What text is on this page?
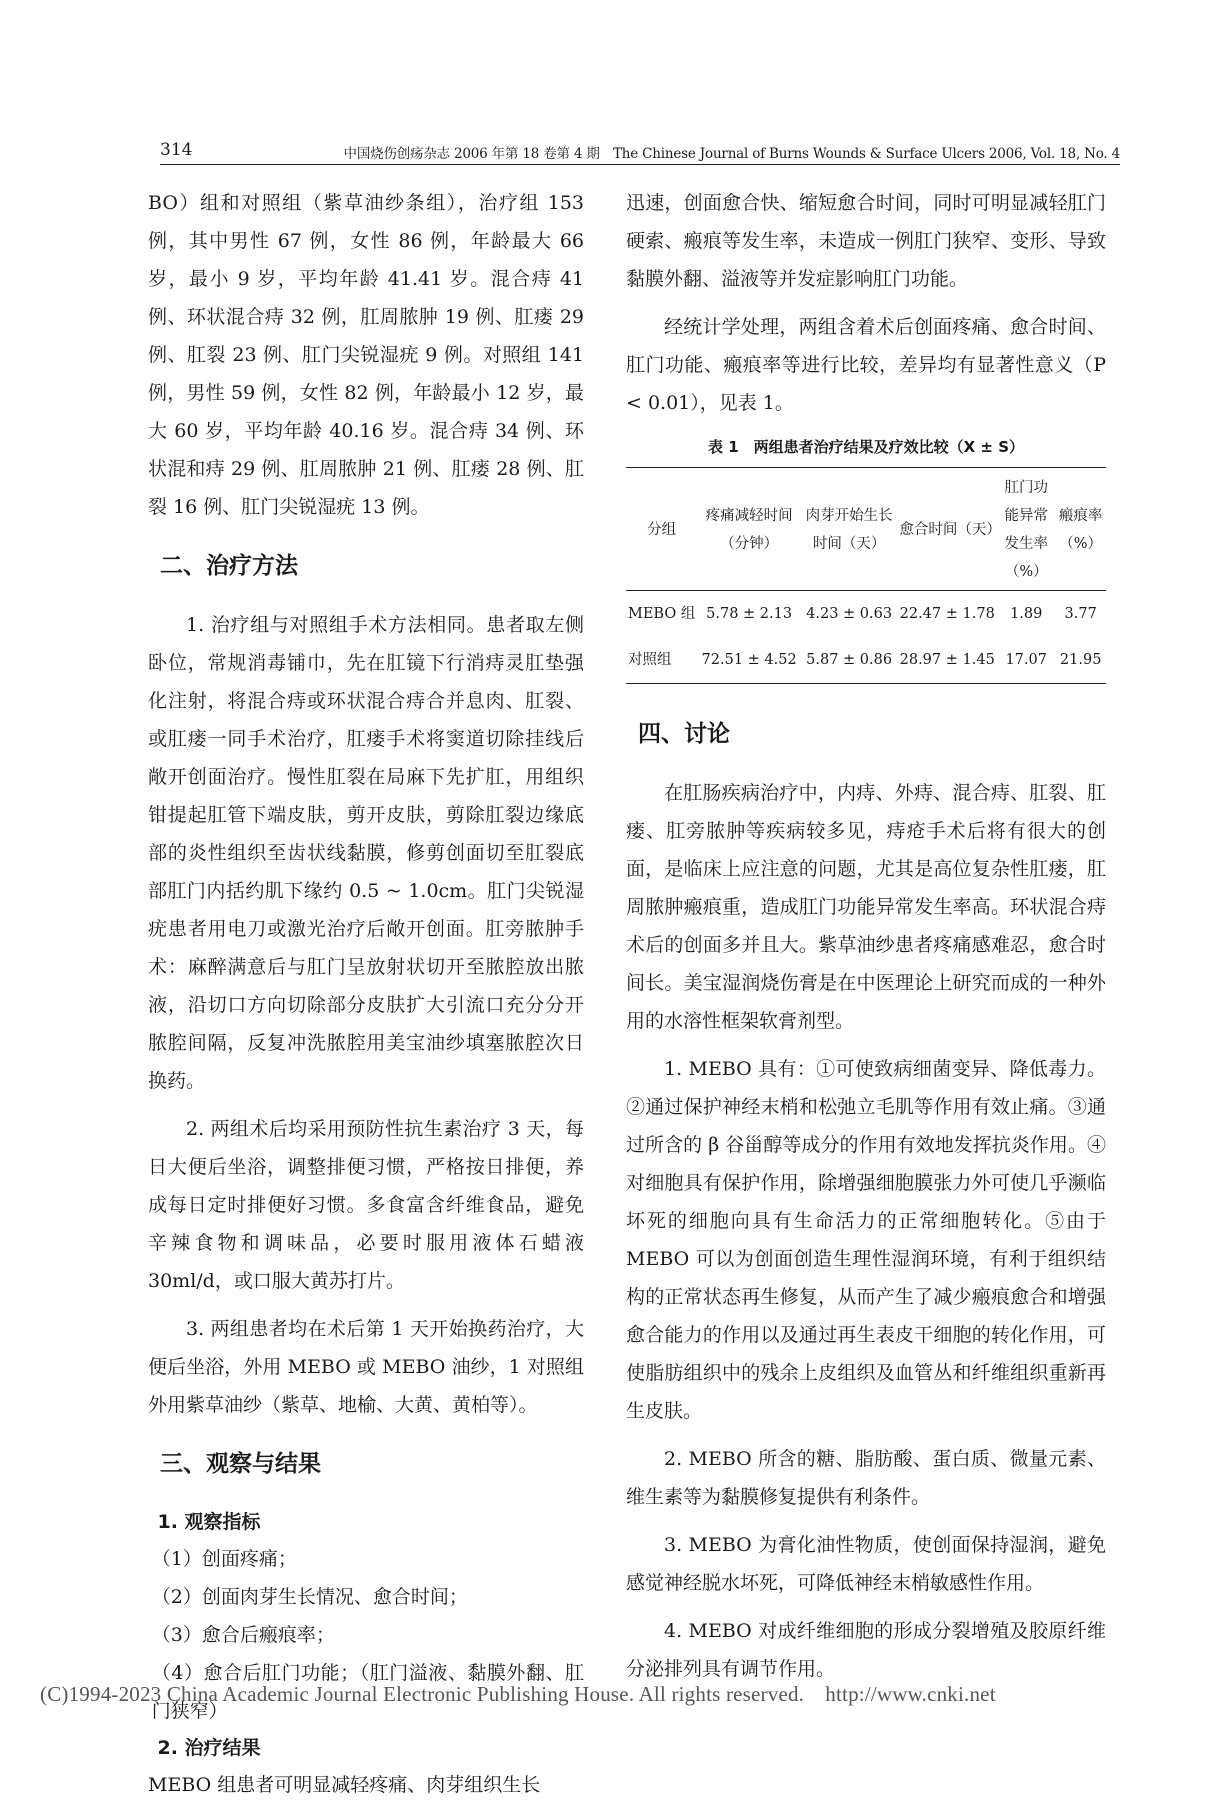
314	中国烧伤创疡杂志 2006 年第 18 卷第 4 期　The Chinese Journal of Burns Wounds & Surface Ulcers 2006, Vol. 18, No. 4

BO）组和对照组（紫草油纱条组），治疗组 153 例，其中男性 67 例，女性 86 例，年龄最大 66 岁，最小 9 岁，平均年龄 41.41 岁。混合痔 41 例、环状混合痔 32 例，肛周脓肿 19 例、肛瘘 29 例、肛裂 23 例、肛门尖锐湿疣 9 例。对照组 141 例，男性 59 例，女性 82 例，年龄最小 12 岁，最大 60 岁，平均年龄 40.16 岁。混合痔 34 例、环状混和痔 29 例、肛周脓肿 21 例、肛瘘 28 例、肛裂 16 例、肛门尖锐湿疣 13 例。

二、治疗方法

1. 治疗组与对照组手术方法相同。患者取左侧卧位，常规消毒铺巾，先在肛镜下行消痔灵肛垫强化注射，将混合痔或环状混合痔合并息肉、肛裂、或肛瘘一同手术治疗，肛瘘手术将窦道切除挂线后敞开创面治疗。慢性肛裂在局麻下先扩肛，用组织钳提起肛管下端皮肤，剪开皮肤，剪除肛裂边缘底部的炎性组织至齿状线黏膜，修剪创面切至肛裂底部肛门内括约肌下缘约 0.5 ~ 1.0cm。肛门尖锐湿疣患者用电刀或激光治疗后敞开创面。肛旁脓肿手术：麻醉满意后与肛门呈放射状切开至脓腔放出脓液，沿切口方向切除部分皮肤扩大引流口充分分开脓腔间隔，反复冲洗脓腔用美宝油纱填塞脓腔次日换药。

2. 两组术后均采用预防性抗生素治疗 3 天，每日大便后坐浴，调整排便习惯，严格按日排便，养成每日定时排便好习惯。多食富含纤维食品，避免辛辣食物和调味品，必要时服用液体石蜡液 30ml/d，或口服大黄苏打片。

3. 两组患者均在术后第 1 天开始换药治疗，大便后坐浴，外用 MEBO 或 MEBO 油纱，1 对照组外用紫草油纱（紫草、地榆、大黄、黄柏等）。

三、观察与结果
1. 观察指标

（1）创面疼痛；

（2）创面肉芽生长情况、愈合时间；

（3）愈合后瘢痕率；

（4）愈合后肛门功能；（肛门溢液、黏膜外翻、肛门狭窄）

2. 治疗结果

MEBO 组患者可明显减轻疼痛、肉芽组织生长

迅速，创面愈合快、缩短愈合时间，同时可明显减轻肛门硬索、瘢痕等发生率，未造成一例肛门狭窄、变形、导致黏膜外翻、溢液等并发症影响肛门功能。

经统计学处理，两组含着术后创面疼痛、愈合时间、肛门功能、瘢痕率等进行比较，差异均有显著性意义（P < 0.01），见表 1。

表 1　两组患者治疗结果及疗效比较（X ± S）
分组	疼痛减轻时间（分钟）	肉芽开始生长时间（天）	愈合时间（天）	肛门功能异常发生率（%）	瘢痕率（%）
MEBO 组	5.78 ± 2.13	4.23 ± 0.63	22.47 ± 1.78	1.89	3.77
对照组	72.51 ± 4.52	5.87 ± 0.86	28.97 ± 1.45	17.07	21.95
四、讨论

在肛肠疾病治疗中，内痔、外痔、混合痔、肛裂、肛瘘、肛旁脓肿等疾病较多见，痔疮手术后将有很大的创面，是临床上应注意的问题，尤其是高位复杂性肛瘘，肛周脓肿瘢痕重，造成肛门功能异常发生率高。环状混合痔术后的创面多并且大。紫草油纱患者疼痛感难忍，愈合时间长。美宝湿润烧伤膏是在中医理论上研究而成的一种外用的水溶性框架软膏剂型。

1. MEBO 具有：①可使致病细菌变异、降低毒力。②通过保护神经末梢和松弛立毛肌等作用有效止痛。③通过所含的 β 谷甾醇等成分的作用有效地发挥抗炎作用。④对细胞具有保护作用，除增强细胞膜张力外可使几乎濒临坏死的细胞向具有生命活力的正常细胞转化。⑤由于 MEBO 可以为创面创造生理性湿润环境，有利于组织结构的正常状态再生修复，从而产生了减少瘢痕愈合和增强愈合能力的作用以及通过再生表皮干细胞的转化作用，可使脂肪组织中的残余上皮组织及血管丛和纤维组织重新再生皮肤。

2. MEBO 所含的糖、脂肪酸、蛋白质、微量元素、维生素等为黏膜修复提供有利条件。

3. MEBO 为膏化油性物质，使创面保持湿润，避免感觉神经脱水坏死，可降低神经末梢敏感性作用。

4. MEBO 对成纤维细胞的形成分裂增殖及胶原纤维分泌排列具有调节作用。

(C)1994-2023 China Academic Journal Electronic Publishing House. All rights reserved.　http://www.cnki.net
